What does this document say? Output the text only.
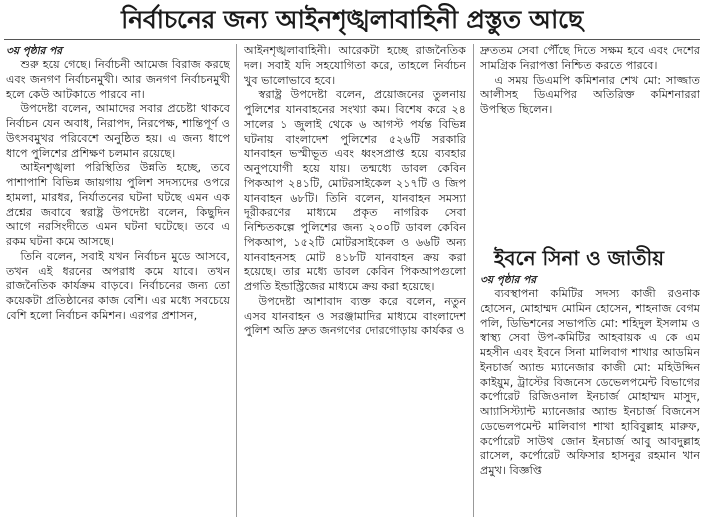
নির্বাচনের জন্য আইনশৃঙ্খলাবাহিনী প্রস্তুত আছে

৩য় পৃষ্ঠার পর

শুরু হয়ে গেছে। নির্বাচনী আমেজ বিরাজ করছে এবং জনগণ নির্বাচনমুখী। আর জনগণ নির্বাচনমুখী হলে কেউ আটকাতে পারবে না।

উপদেষ্টা বলেন, আমাদের সবার প্রচেষ্টা থাকবে নির্বাচন যেন অবাধ, নিরাপদ, নিরপেক্ষ, শান্তিপূর্ণ ও উৎসবমুখর পরিবেশে অনুষ্ঠিত হয়। এ জন্য ধাপে ধাপে পুলিশের প্রশিক্ষণ চলমান রয়েছে।

আইনশৃঙ্খলা পরিস্থিতির উন্নতি হচ্ছে, তবে পাশাপাশি বিভিন্ন জায়গায় পুলিশ সদস্যদের ওপরে হামলা, মারধর, নির্যাতনের ঘটনা ঘটছে এমন এক প্রশ্নের জবাবে স্বরাষ্ট্র উপদেষ্টা বলেন, কিছুদিন আগে নরসিংদীতে এমন ঘটনা ঘটেছে। তবে এ রকম ঘটনা কমে আসছে।

তিনি বলেন, সবাই যখন নির্বাচন মুডে আসবে, তখন এই ধরনের অপরাধ কমে যাবে। তখন রাজনৈতিক কার্যক্রম বাড়বে। নির্বাচনের জন্য তো কয়েকটা প্রতিষ্ঠানের কাজ বেশি। এর মধ্যে সবচেয়ে বেশি হলো নির্বাচন কমিশন। এরপর প্রশাসন,

আইনশৃঙ্খলাবাহিনী। আরেকটা হচ্ছে রাজনৈতিক দল। সবাই যদি সহযোগিতা করে, তাহলে নির্বাচন খুব ভালোভাবে হবে।

স্বরাষ্ট্র উপদেষ্টা বলেন, প্রয়োজনের তুলনায় পুলিশের যানবাহনের সংখ্যা কম। বিশেষ করে ২৪ সালের ১ জুলাই থেকে ৬ আগস্ট পর্যন্ত বিভিন্ন ঘটনায় বাংলাদেশ পুলিশের ৫২৬টি সরকারি যানবাহন ভস্মীভূত এবং ধ্বংসপ্রাপ্ত হয়ে ব্যবহার অনুপযোগী হয়ে যায়। তন্মধ্যে ডাবল কেবিন পিকআপ ২৪১টি, মোটরসাইকেল ২১৭টি ও জিপ যানবাহন ৬৮টি। তিনি বলেন, যানবাহন সমস্যা দূরীকরণের মাধ্যমে প্রকৃত নাগরিক সেবা নিশ্চিতকল্পে পুলিশের জন্য ২০০টি ডাবল কেবিন পিকআপ, ১৫২টি মোটরসাইকেল ও ৬৬টি অন্য যানবাহনসহ মোট ৪১৮টি যানবাহন ক্রয় করা হয়েছে। তার মধ্যে ডাবল কেবিন পিকআপগুলো প্রগতি ইন্ডাস্ট্রিজের মাধ্যমে ক্রয় করা হয়েছে।

উপদেষ্টা আশাবাদ ব্যক্ত করে বলেন, নতুন এসব যানবাহন ও সরঞ্জামাদির মাধ্যমে বাংলাদেশ পুলিশ অতি দ্রুত জনগণের দোরগোড়ায় কার্যকর ও

দ্রুততম সেবা পৌঁছে দিতে সক্ষম হবে এবং দেশের সামগ্রিক নিরাপত্তা নিশ্চিত করতে পারবে।

এ সময় ডিএমপি কমিশনার শেখ মো: সাজ্জাত আলীসহ ডিএমপির অতিরিক্ত কমিশনাররা উপস্থিত ছিলেন।

ইবনে সিনা ও জাতীয়

৩য় পৃষ্ঠার পর

ব্যবস্থাপনা কমিটির সদস্য কাজী রওনাক হোসেন, মোহাম্মদ মোমিন হোসেন, শাহনাজ বেগম পলি, ডিভিশনের সভাপতি মো: শহিদুল ইসলাম ও স্বাস্থ্য সেবা উপ-কমিটির আহবায়ক এ কে এম মহসীন এবং ইবনে সিনা মালিবাগ শাখার আডমিন ইনচার্জ অ্যান্ড ম্যানেজার কাজী মো: মহিউদ্দিন কাইয়ুম, ট্রাস্টের বিজনেস ডেভেলপমেন্ট বিভাগের কর্পোরেট রিজিওনাল ইনচার্জ মোহাম্মদ মাসুদ, আ্যাসিস্ট্যান্ট ম্যানেজার অ্যান্ড ইনচার্জ বিজনেস ডেভেলপমেন্ট মালিবাগ শাখা হাবিবুল্লাহ মারুফ, কর্পোরেট সাউথ জোন ইনচার্জ আবু আবদুল্লাহ রাসেল, কর্পোরেট অফিসার হাসনুর রহমান খান প্রমুখ। বিজ্ঞপ্তি
